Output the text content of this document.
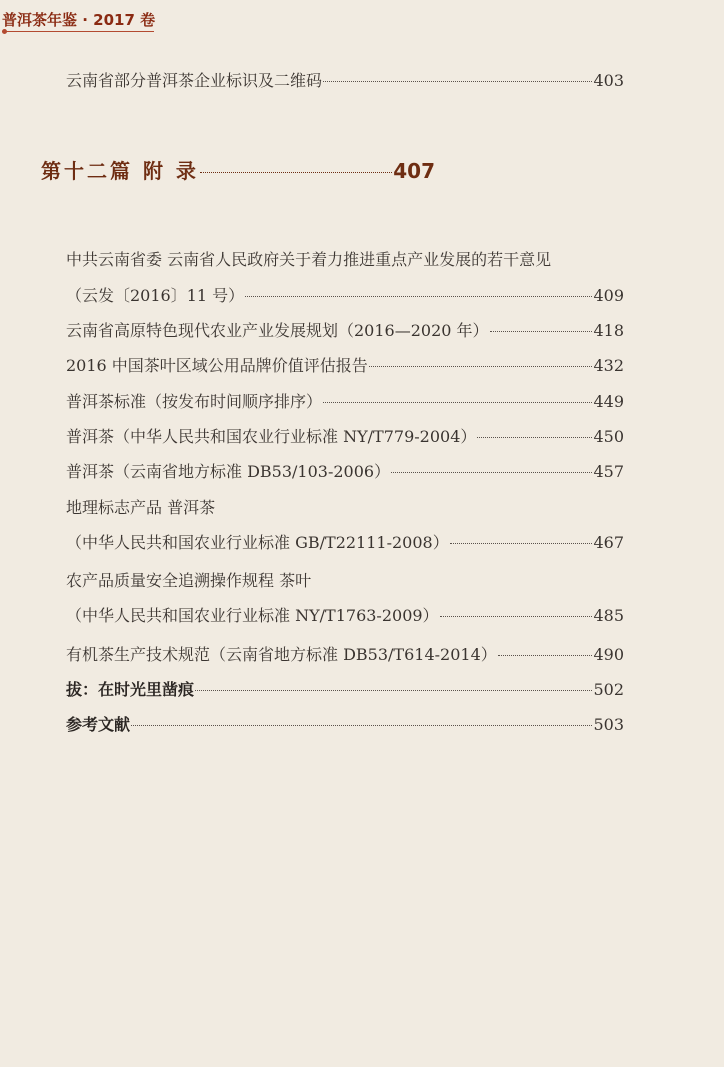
普洱茶年鉴 · 2017 卷
云南省部分普洱茶企业标识及二维码	403
第十二篇 附 录	407
中共云南省委 云南省人民政府关于着力推进重点产业发展的若干意见
（云发〔2016〕11 号）	409
云南省高原特色现代农业产业发展规划（2016—2020 年）	418
2016 中国茶叶区域公用品牌价值评估报告	432
普洱茶标准（按发布时间顺序排序）	449
普洱茶（中华人民共和国农业行业标准 NY/T779-2004）	450
普洱茶（云南省地方标准 DB53/103-2006）	457
地理标志产品 普洱茶
（中华人民共和国农业行业标准 GB/T22111-2008）	467
农产品质量安全追溯操作规程 茶叶
（中华人民共和国农业行业标准 NY/T1763-2009）	485
有机茶生产技术规范（云南省地方标准 DB53/T614-2014）	490
拔：在时光里凿痕	502
参考文献	503
